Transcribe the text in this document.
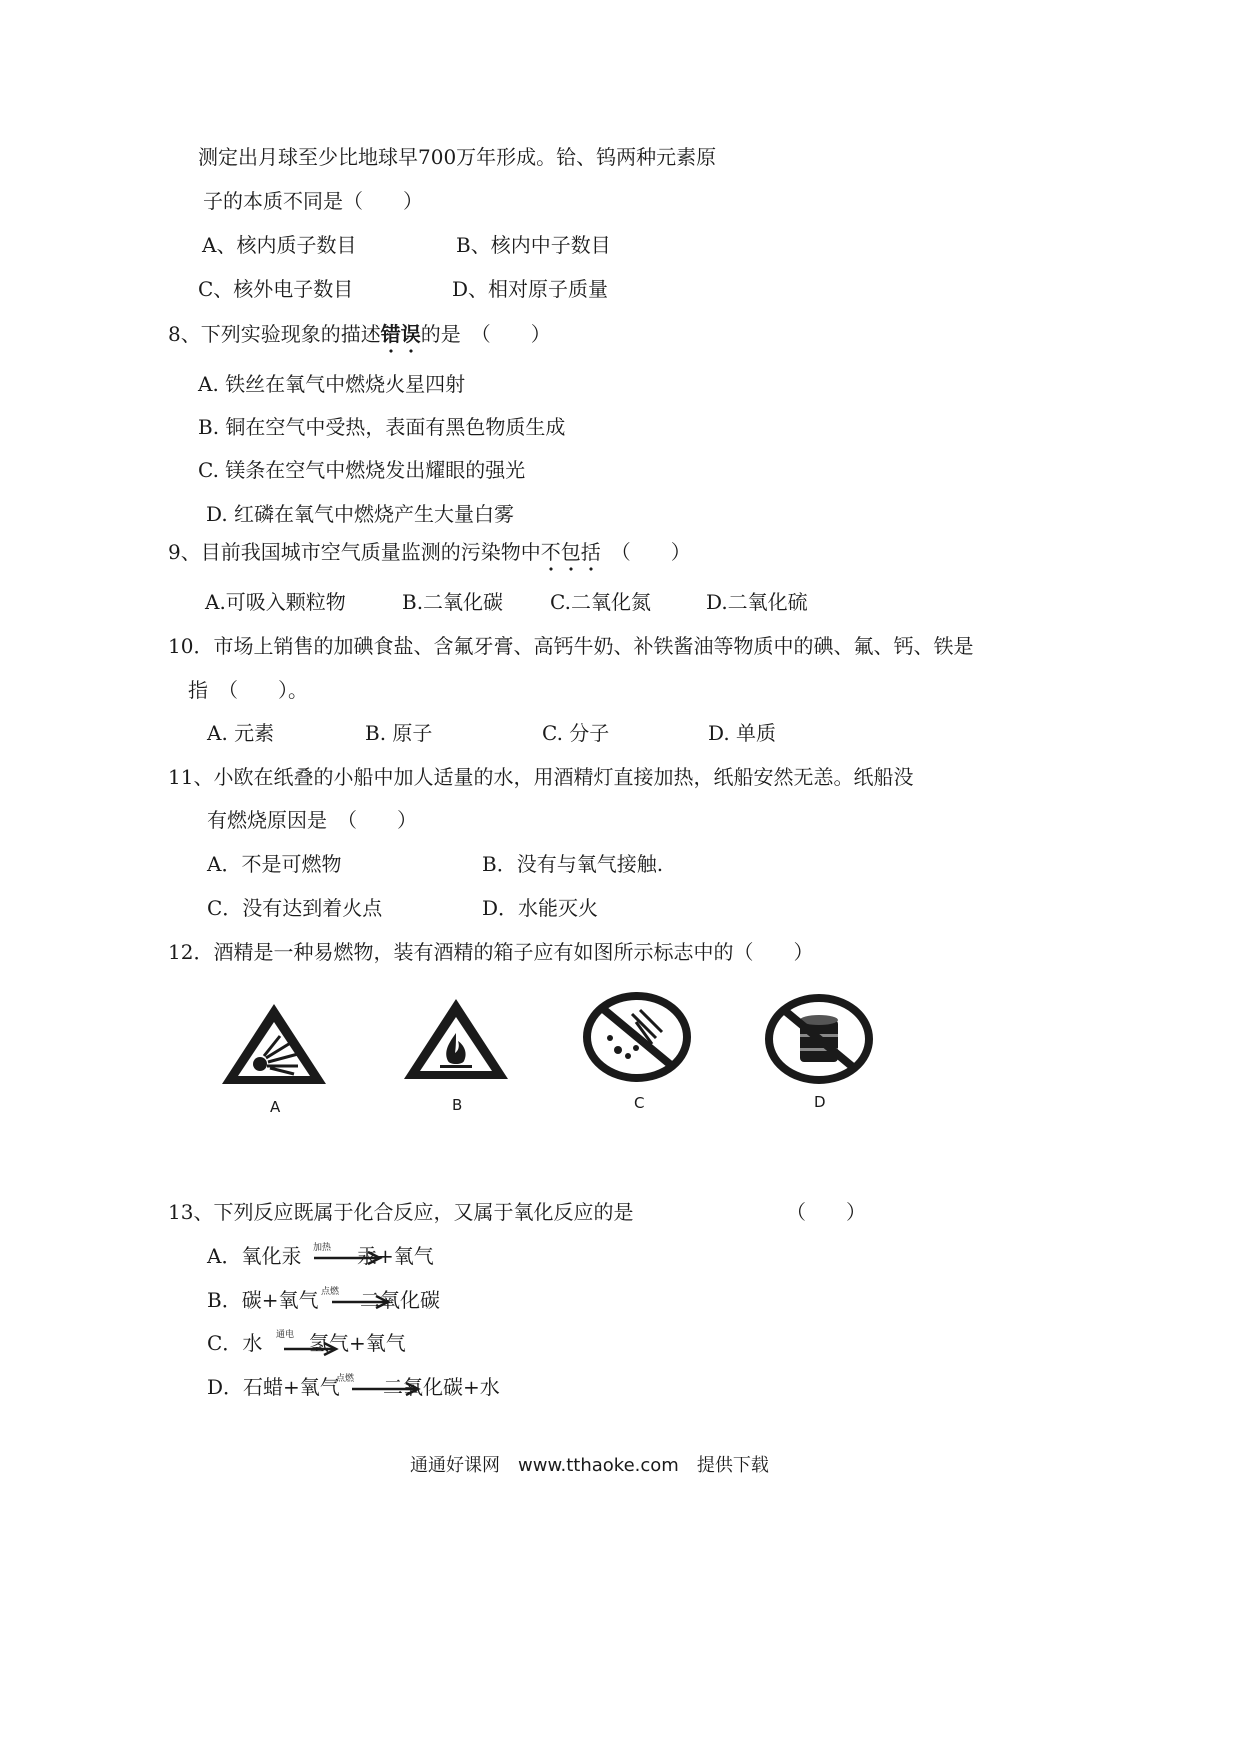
测定出月球至少比地球早700万年形成。铪、钨两种元素原
子的本质不同是（　　）
A、核内质子数目	B、核内中子数目
C、核外电子数目	D、相对原子质量
8、下列实验现象的描述错误的是　（　　）
A. 铁丝在氧气中燃烧火星四射
B. 铜在空气中受热，表面有黑色物质生成
C. 镁条在空气中燃烧发出耀眼的强光
D. 红磷在氧气中燃烧产生大量白雾
9、目前我国城市空气质量监测的污染物中不包括　（　　）
A.可吸入颗粒物	B.二氧化碳 C.二氧化氮	D.二氧化硫
10．市场上销售的加碘食盐、含氟牙膏、高钙牛奶、补铁酱油等物质中的碘、氟、钙、铁是
指　（　　）。
A. 元素	B. 原子	C. 分子	D. 单质
11、小欧在纸叠的小船中加人适量的水，用酒精灯直接加热，纸船安然无恙。纸船没
有燃烧原因是　（　　）
A．不是可燃物	B．没有与氧气接触.
C．没有达到着火点	D．水能灭火
12．酒精是一种易燃物，装有酒精的箱子应有如图所示标志中的（　　）
A	B	C	D
13、下列反应既属于化合反应，又属于氧化反应的是	（　　）
A．氧化汞 加热 汞+氧气
B．碳+氧气 点燃 二氧化碳
C．水 通电 氢气+氧气
D．石蜡+氧气
点燃 二氧化碳+水
通通好课网　www.tthaoke.com　提供下载
